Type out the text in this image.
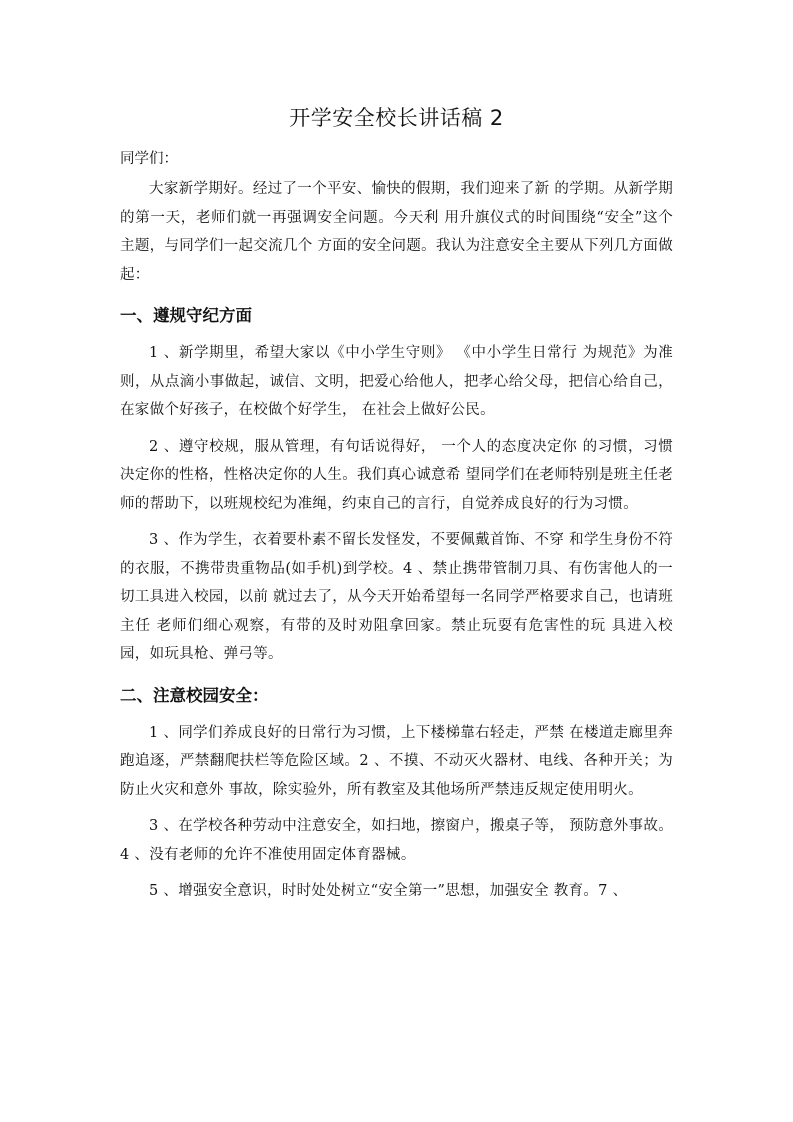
开学安全校长讲话稿 2

同学们：

大家新学期好。经过了一个平安、愉快的假期，我们迎来了新 的学期。从新学期的第一天，老师们就一再强调安全问题。今天利 用升旗仪式的时间围绕“安全”这个主题，与同学们一起交流几个 方面的安全问题。我认为注意安全主要从下列几方面做起：

一、遵规守纪方面

1 、新学期里，希望大家以《中小学生守则》 《中小学生日常行 为规范》为准则，从点滴小事做起，诚信、文明，把爱心给他人，把孝心给父母，把信心给自己，在家做个好孩子，在校做个好学生， 在社会上做好公民。

2 、遵守校规，服从管理，有句话说得好， 一个人的态度决定你 的习惯，习惯决定你的性格，性格决定你的人生。我们真心诚意希 望同学们在老师特别是班主任老师的帮助下，以班规校纪为准绳，约束自己的言行，自觉养成良好的行为习惯。

3 、作为学生，衣着要朴素不留长发怪发，不要佩戴首饰、不穿 和学生身份不符的衣服，不携带贵重物品(如手机)到学校。4 、禁止携带管制刀具、有伤害他人的一切工具进入校园，以前 就过去了，从今天开始希望每一名同学严格要求自己，也请班主任 老师们细心观察，有带的及时劝阻拿回家。禁止玩耍有危害性的玩 具进入校园，如玩具枪、弹弓等。

二、注意校园安全：

1 、同学们养成良好的日常行为习惯，上下楼梯靠右轻走，严禁 在楼道走廊里奔跑追逐，严禁翻爬扶栏等危险区域。2 、不摸、不动灭火器材、电线、各种开关；为防止火灾和意外 事故，除实验外，所有教室及其他场所严禁违反规定使用明火。

3 、在学校各种劳动中注意安全，如扫地，擦窗户，搬桌子等， 预防意外事故。4 、没有老师的允许不准使用固定体育器械。

5 、增强安全意识，时时处处树立“安全第一”思想，加强安全 教育。7 、
